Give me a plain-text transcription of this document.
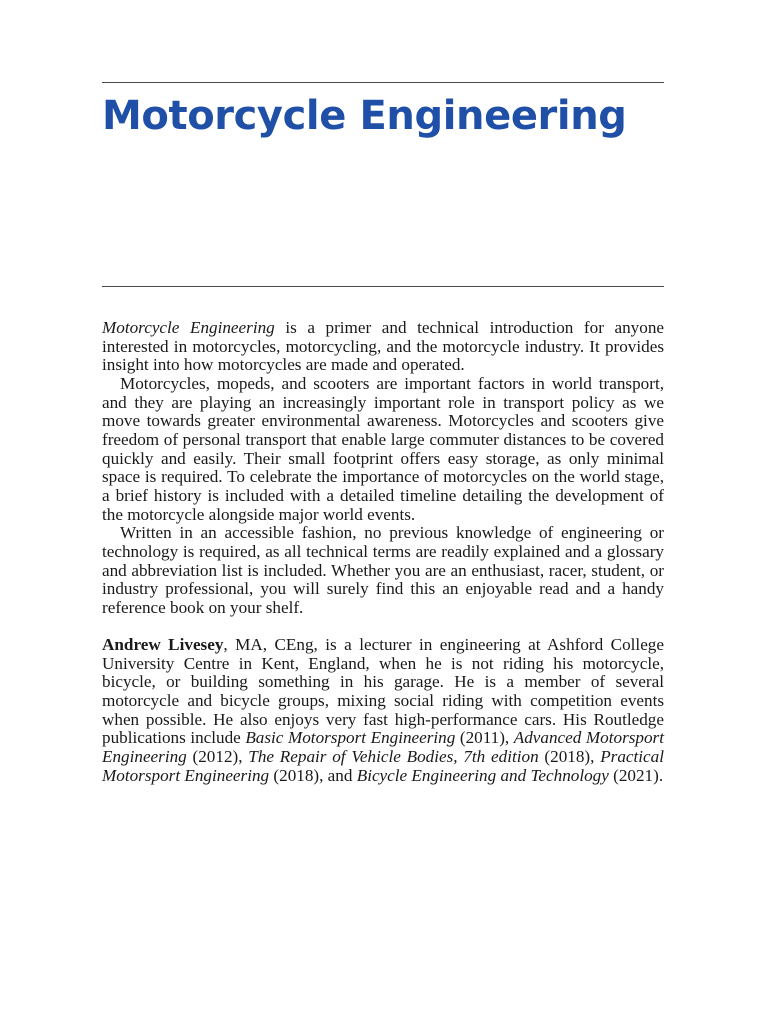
Motorcycle Engineering

Motorcycle Engineering is a primer and technical introduction for anyone interested in motorcycles, motorcycling, and the motorcycle industry. It provides insight into how motorcycles are made and operated.

Motorcycles, mopeds, and scooters are important factors in world transport, and they are playing an increasingly important role in transport policy as we move towards greater environmental awareness. Motorcycles and scooters give freedom of personal transport that enable large commuter distances to be covered quickly and easily. Their small footprint offers easy storage, as only minimal space is required. To celebrate the importance of motorcycles on the world stage, a brief history is included with a detailed timeline detailing the development of the motorcycle alongside major world events.

Written in an accessible fashion, no previous knowledge of engineering or technology is required, as all technical terms are readily explained and a glossary and abbreviation list is included. Whether you are an enthusiast, racer, student, or industry professional, you will surely find this an enjoyable read and a handy reference book on your shelf.

Andrew Livesey, MA, CEng, is a lecturer in engineering at Ashford College University Centre in Kent, England, when he is not riding his motorcycle, bicycle, or building something in his garage. He is a member of several motorcycle and bicycle groups, mixing social riding with competition events when possible. He also enjoys very fast high-performance cars. His Routledge publications include Basic Motorsport Engineering (2011), Advanced Motorsport Engineering (2012), The Repair of Vehicle Bodies, 7th edition (2018), Practical Motorsport Engineering (2018), and Bicycle Engineering and Technology (2021).
